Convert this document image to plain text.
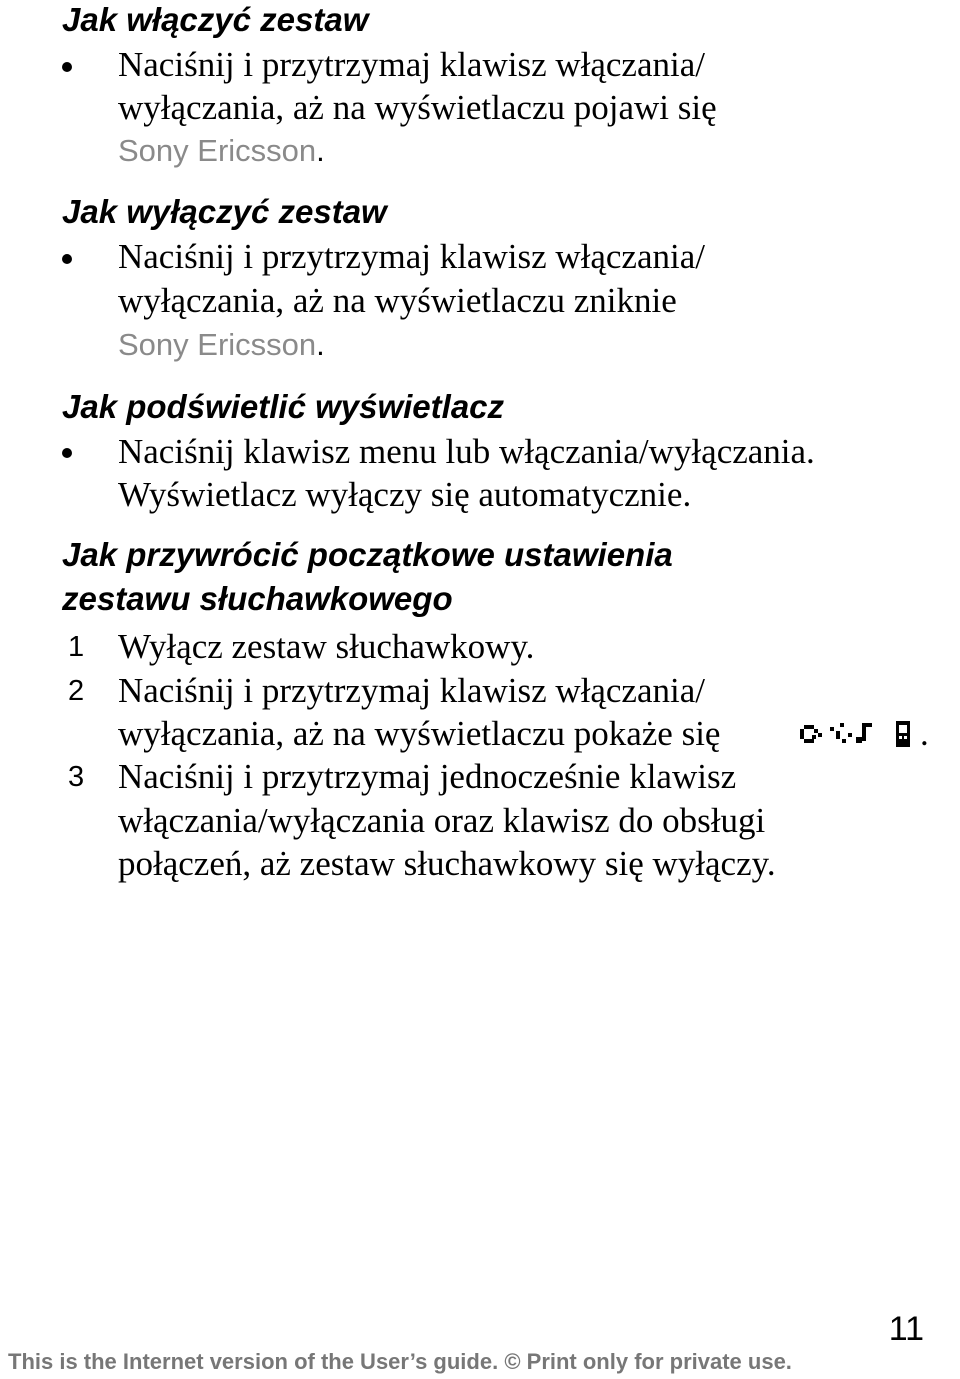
Jak włączyć zestaw
Naciśnij i przytrzymaj klawisz włączania/
wyłączania, aż na wyświetlaczu pojawi się
Sony Ericsson.
Jak wyłączyć zestaw
Naciśnij i przytrzymaj klawisz włączania/
wyłączania, aż na wyświetlaczu zniknie
Sony Ericsson.
Jak podświetlić wyświetlacz
Naciśnij klawisz menu lub włączania/wyłączania.
Wyświetlacz wyłączy się automatycznie.
Jak przywrócić początkowe ustawienia
zestawu słuchawkowego
1 Wyłącz zestaw słuchawkowy.
2 Naciśnij i przytrzymaj klawisz włączania/
wyłączania, aż na wyświetlaczu pokaże się	.
3 Naciśnij i przytrzymaj jednocześnie klawisz
włączania/wyłączania oraz klawisz do obsługi
połączeń, aż zestaw słuchawkowy się wyłączy.
11
This is the Internet version of the User’s guide. © Print only for private use.
